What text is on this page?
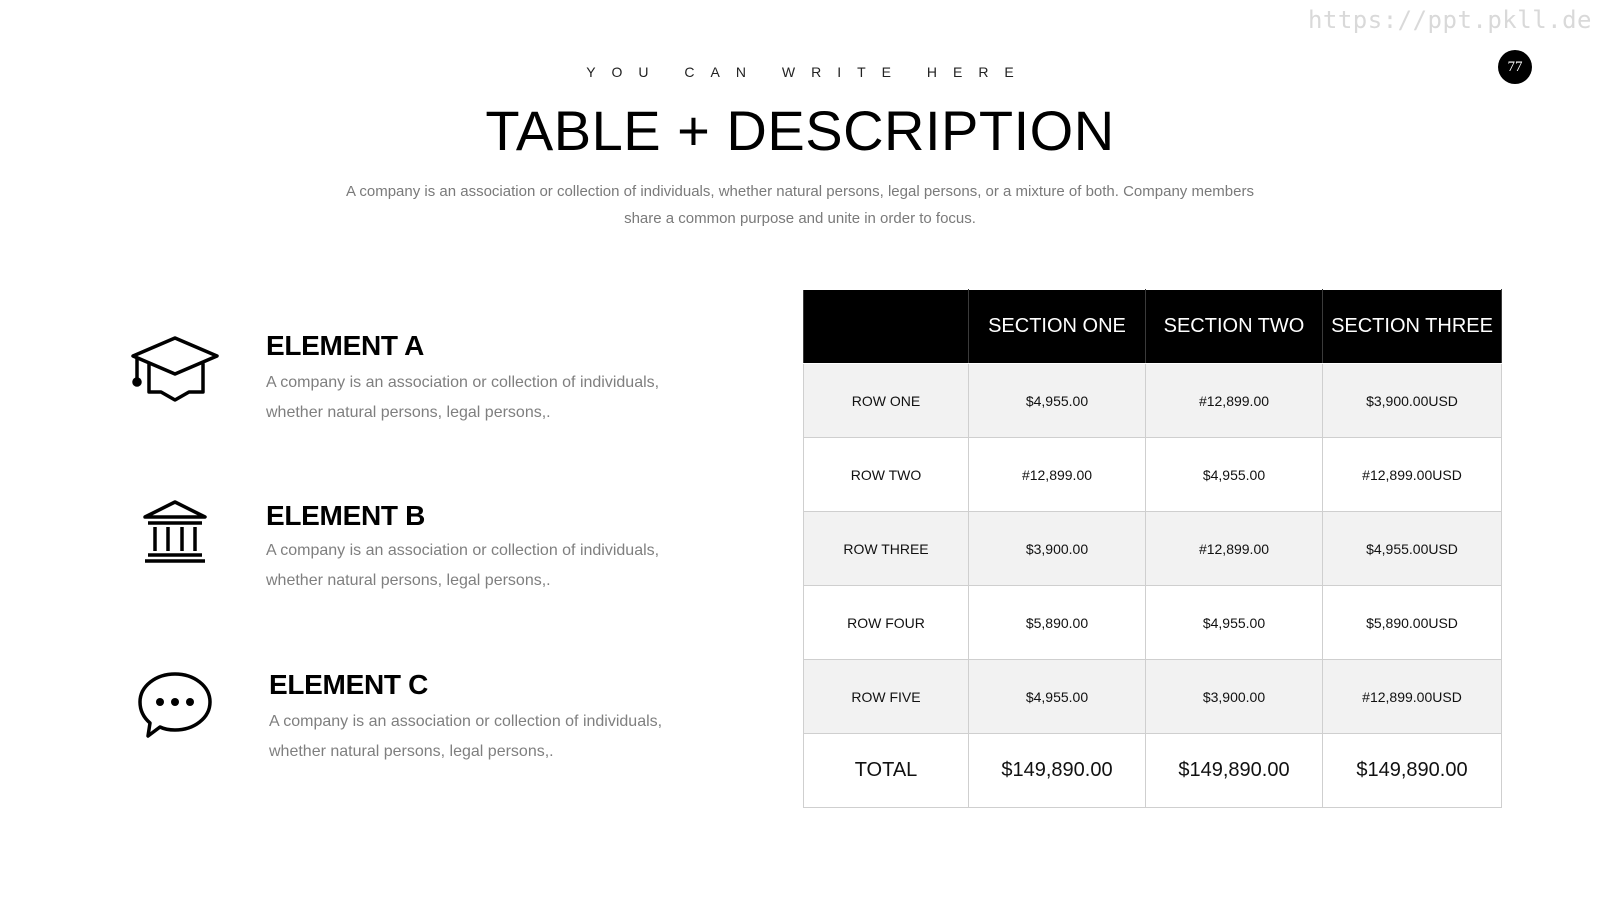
https://ppt.pkll.de
77
YOU CAN WRITE HERE
TABLE + DESCRIPTION
A company is an association or collection of individuals, whether natural persons, legal persons, or a mixture of both. Company members
share a common purpose and unite in order to focus.
ELEMENT A
A company is an association or collection of individuals,
whether natural persons, legal persons,.
ELEMENT B
A company is an association or collection of individuals,
whether natural persons, legal persons,.
ELEMENT C
A company is an association or collection of individuals,
whether natural persons, legal persons,.
	SECTION ONE	SECTION TWO	SECTION THREE
ROW ONE	$4,955.00	#12,899.00	$3,900.00USD
ROW TWO	#12,899.00	$4,955.00	#12,899.00USD
ROW THREE	$3,900.00	#12,899.00	$4,955.00USD
ROW FOUR	$5,890.00	$4,955.00	$5,890.00USD
ROW FIVE	$4,955.00	$3,900.00	#12,899.00USD
TOTAL	$149,890.00	$149,890.00	$149,890.00
